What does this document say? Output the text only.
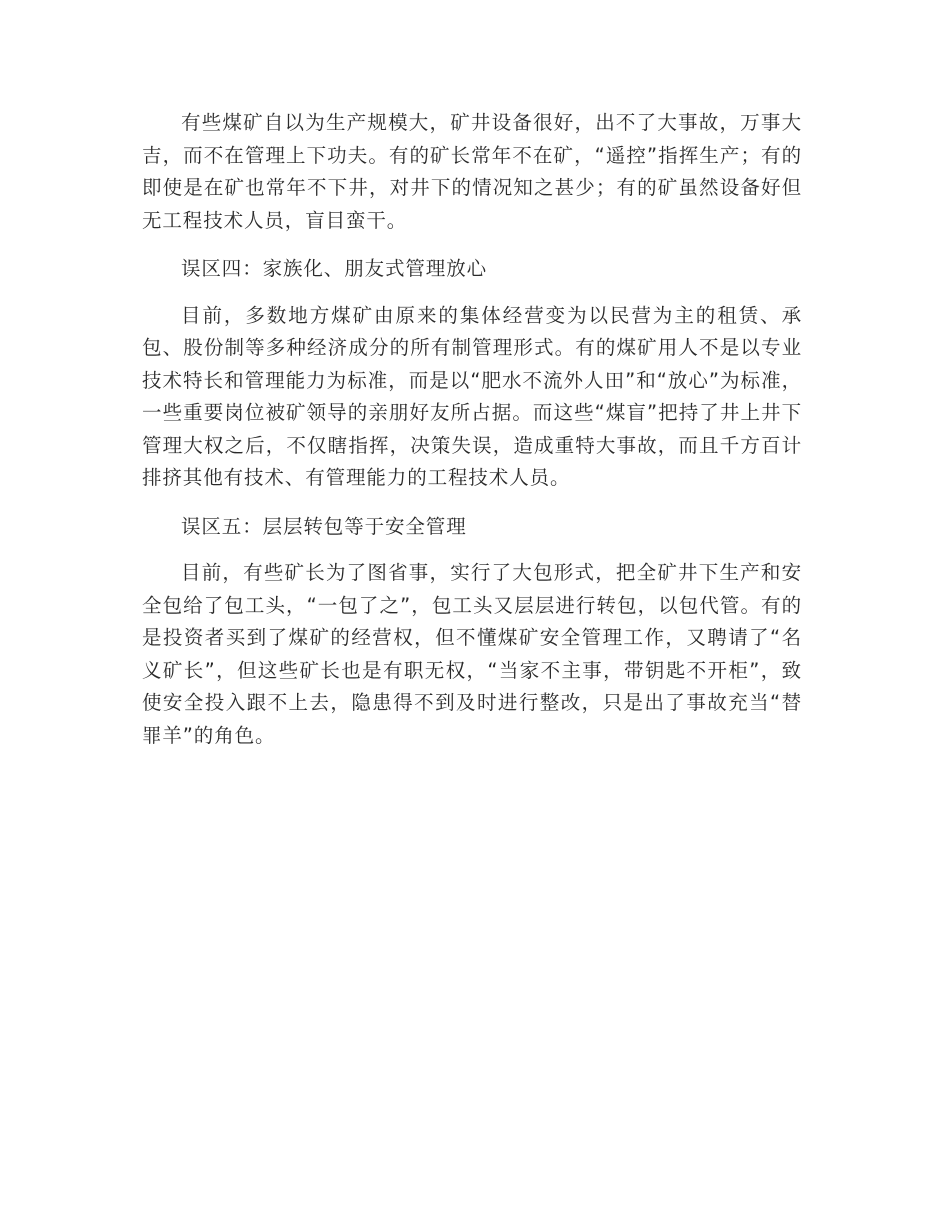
有些煤矿自以为生产规模大，矿井设备很好，出不了大事故，万事大吉，而不在管理上下功夫。有的矿长常年不在矿，“遥控”指挥生产；有的即使是在矿也常年不下井，对井下的情况知之甚少；有的矿虽然设备好但无工程技术人员，盲目蛮干。

误区四：家族化、朋友式管理放心

目前，多数地方煤矿由原来的集体经营变为以民营为主的租赁、承包、股份制等多种经济成分的所有制管理形式。有的煤矿用人不是以专业技术特长和管理能力为标准，而是以“肥水不流外人田”和“放心”为标准，一些重要岗位被矿领导的亲朋好友所占据。而这些“煤盲”把持了井上井下管理大权之后，不仅瞎指挥，决策失误，造成重特大事故，而且千方百计排挤其他有技术、有管理能力的工程技术人员。

误区五：层层转包等于安全管理

目前，有些矿长为了图省事，实行了大包形式，把全矿井下生产和安全包给了包工头，“一包了之”，包工头又层层进行转包，以包代管。有的是投资者买到了煤矿的经营权，但不懂煤矿安全管理工作，又聘请了“名义矿长”，但这些矿长也是有职无权，“当家不主事，带钥匙不开柜”，致使安全投入跟不上去，隐患得不到及时进行整改，只是出了事故充当“替罪羊”的角色。
